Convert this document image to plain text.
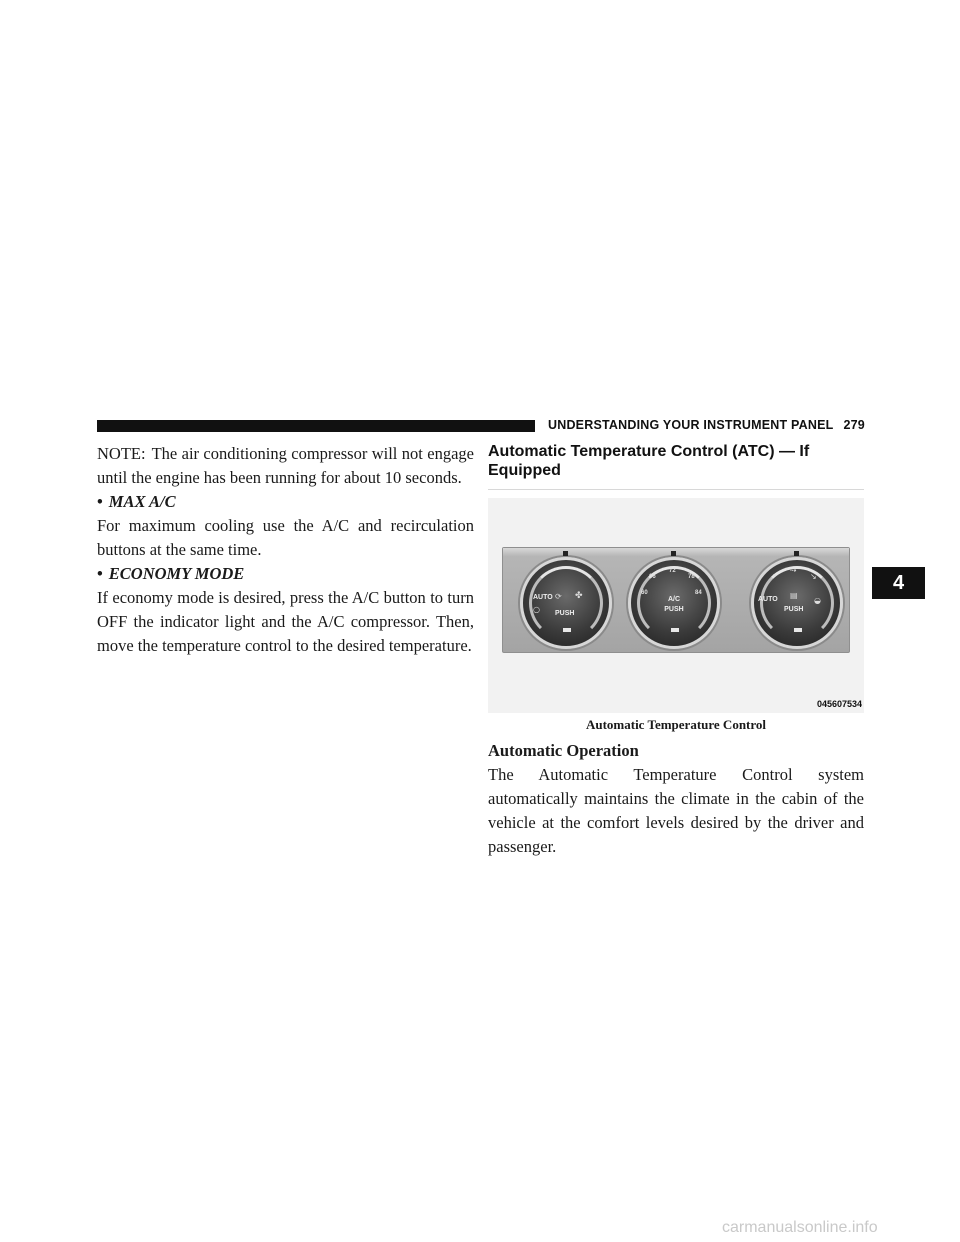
UNDERSTANDING YOUR INSTRUMENT PANEL 279

NOTE: The air conditioning compressor will not engage until the engine has been running for about 10 seconds.

• MAX A/C

For maximum cooling use the A/C and recirculation buttons at the same time.

• ECONOMY MODE

If economy mode is desired, press the A/C button to turn OFF the indicator light and the A/C compressor. Then, move the temperature control to the desired temperature.

Automatic Temperature Control (ATC) — If
Equipped
AUTO ✤
○
⟳
PUSH
60
66
72
78
84
A/C
PUSH
↗
⇢
↘
AUTO ▤
◒
PUSH
045607534
Automatic Temperature Control
Automatic Operation

The Automatic Temperature Control system automatically maintains the climate in the cabin of the vehicle at the comfort levels desired by the driver and passenger.

4
carmanualsonline.info
